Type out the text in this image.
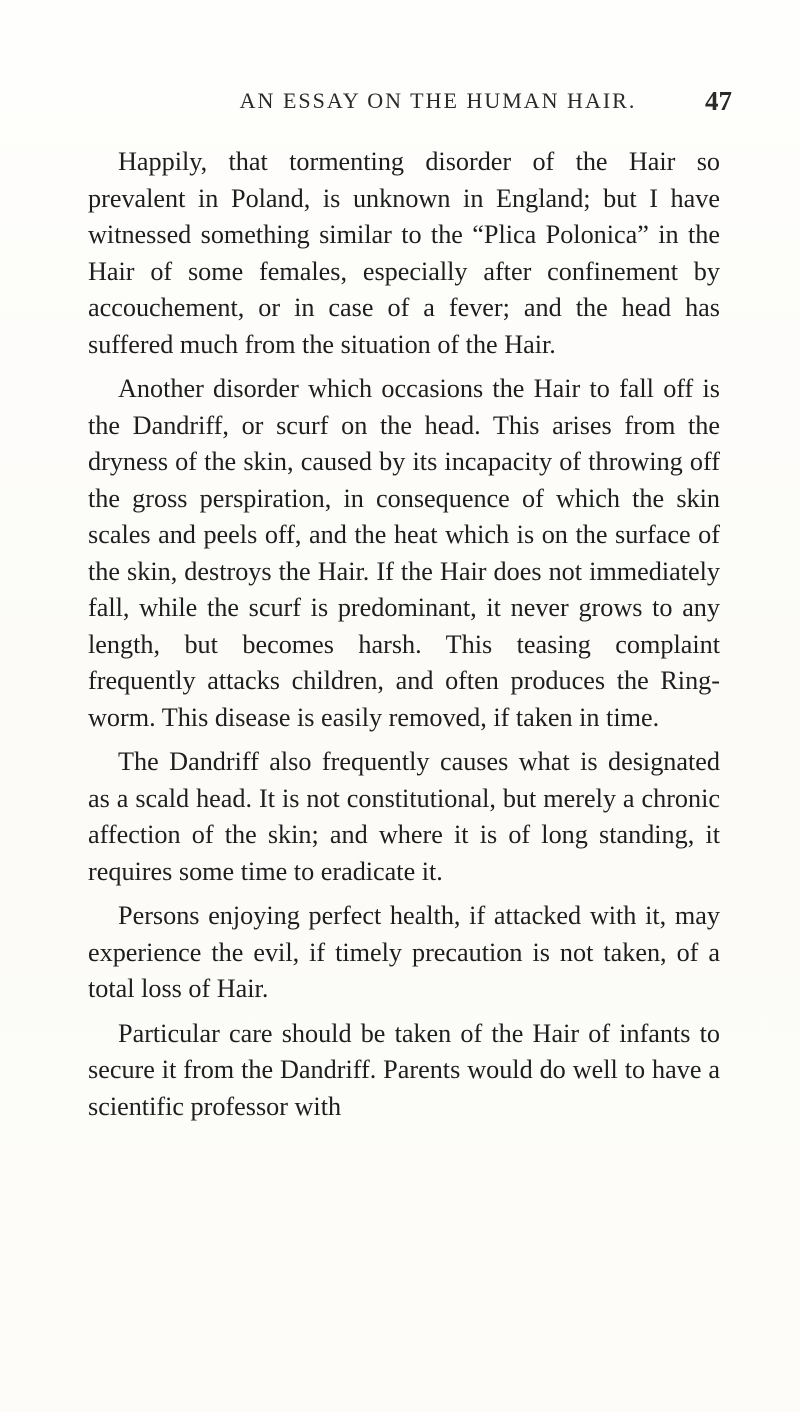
AN ESSAY ON THE HUMAN HAIR.	47

Happily, that tormenting disorder of the Hair so prevalent in Poland, is unknown in England; but I have witnessed something similar to the “Plica Polonica” in the Hair of some females, especially after confinement by accouchement, or in case of a fever; and the head has suffered much from the situation of the Hair.

Another disorder which occasions the Hair to fall off is the Dandriff, or scurf on the head. This arises from the dryness of the skin, caused by its incapacity of throwing off the gross perspiration, in consequence of which the skin scales and peels off, and the heat which is on the surface of the skin, destroys the Hair. If the Hair does not immediately fall, while the scurf is predominant, it never grows to any length, but becomes harsh. This teasing complaint frequently attacks children, and often produces the Ring-worm. This disease is easily removed, if taken in time.

The Dandriff also frequently causes what is designated as a scald head. It is not constitutional, but merely a chronic affection of the skin; and where it is of long standing, it requires some time to eradicate it.

Persons enjoying perfect health, if attacked with it, may experience the evil, if timely precaution is not taken, of a total loss of Hair.

Particular care should be taken of the Hair of infants to secure it from the Dandriff. Parents would do well to have a scientific professor with
